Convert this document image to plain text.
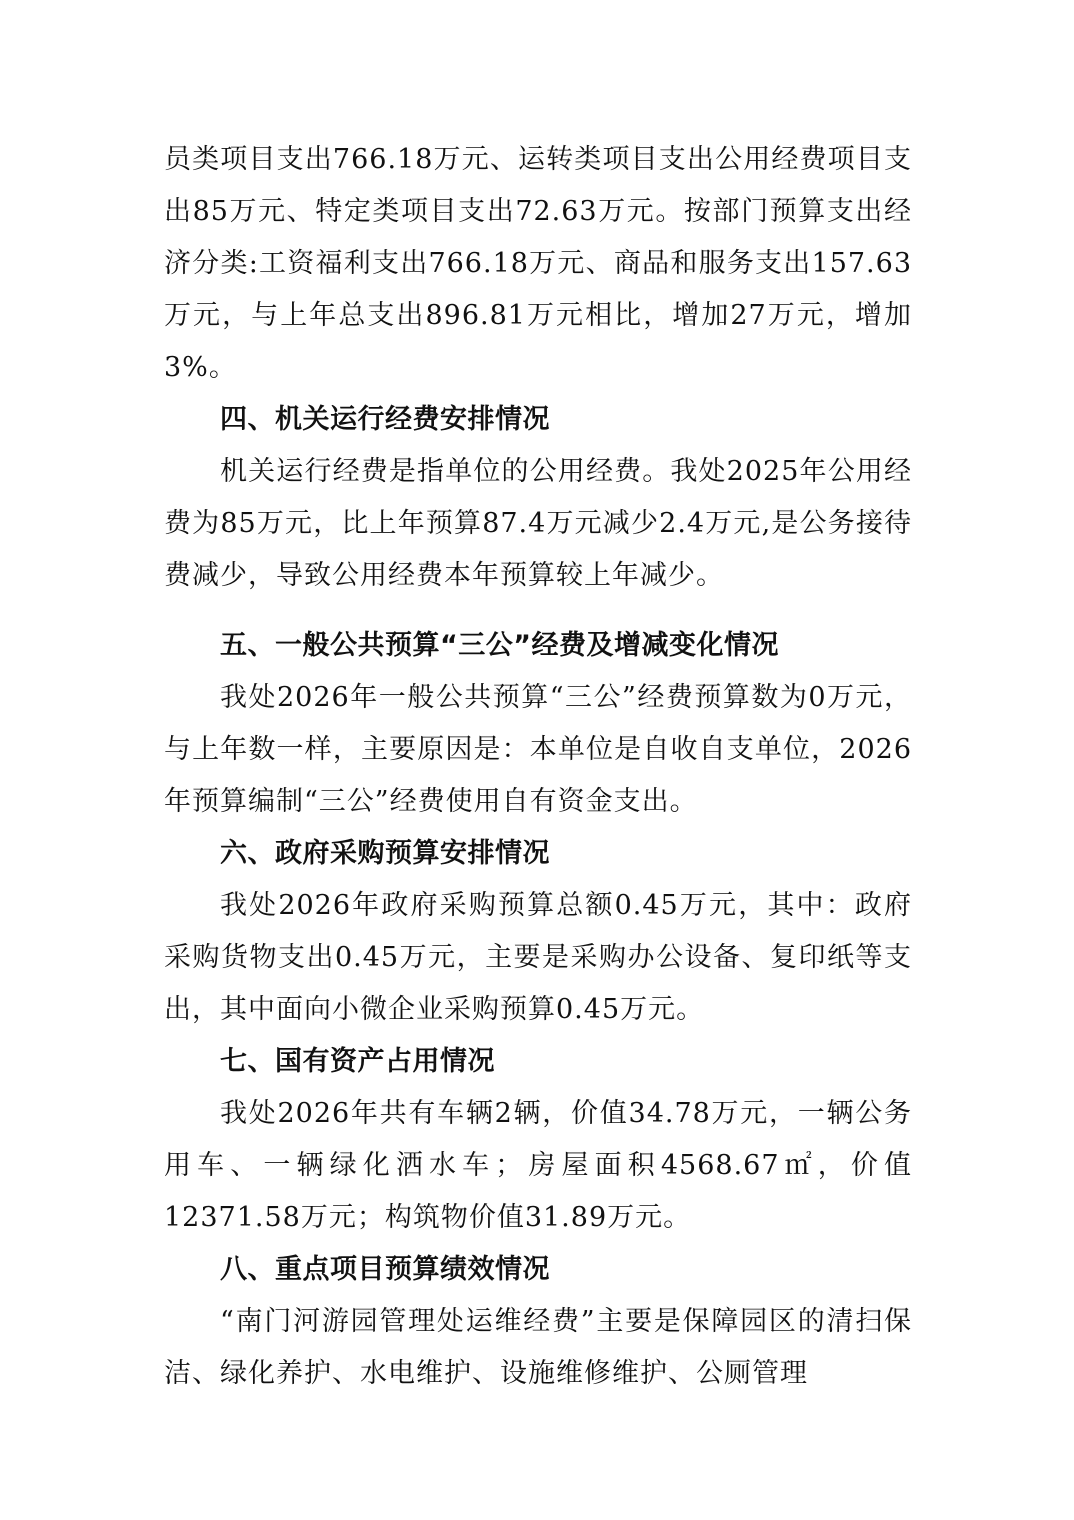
员类项目支出766.18万元、运转类项目支出公用经费项目支出85万元、特定类项目支出72.63万元。按部门预算支出经济分类:工资福利支出766.18万元、商品和服务支出157.63万元，与上年总支出896.81万元相比，增加27万元，增加3%。

四、机关运行经费安排情况

机关运行经费是指单位的公用经费。我处2025年公用经费为85万元，比上年预算87.4万元减少2.4万元,是公务接待费减少，导致公用经费本年预算较上年减少。

五、一般公共预算“三公”经费及增减变化情况

我处2026年一般公共预算“三公”经费预算数为0万元，与上年数一样，主要原因是：本单位是自收自支单位，2026年预算编制“三公”经费使用自有资金支出。

六、政府采购预算安排情况

我处2026年政府采购预算总额0.45万元，其中：政府采购货物支出0.45万元，主要是采购办公设备、复印纸等支出，其中面向小微企业采购预算0.45万元。

七、国有资产占用情况

我处2026年共有车辆2辆，价值34.78万元，一辆公务用车、一辆绿化洒水车；房屋面积4568.67㎡，价值12371.58万元；构筑物价值31.89万元。

八、重点项目预算绩效情况

“南门河游园管理处运维经费”主要是保障园区的清扫保洁、绿化养护、水电维护、设施维修维护、公厕管理
